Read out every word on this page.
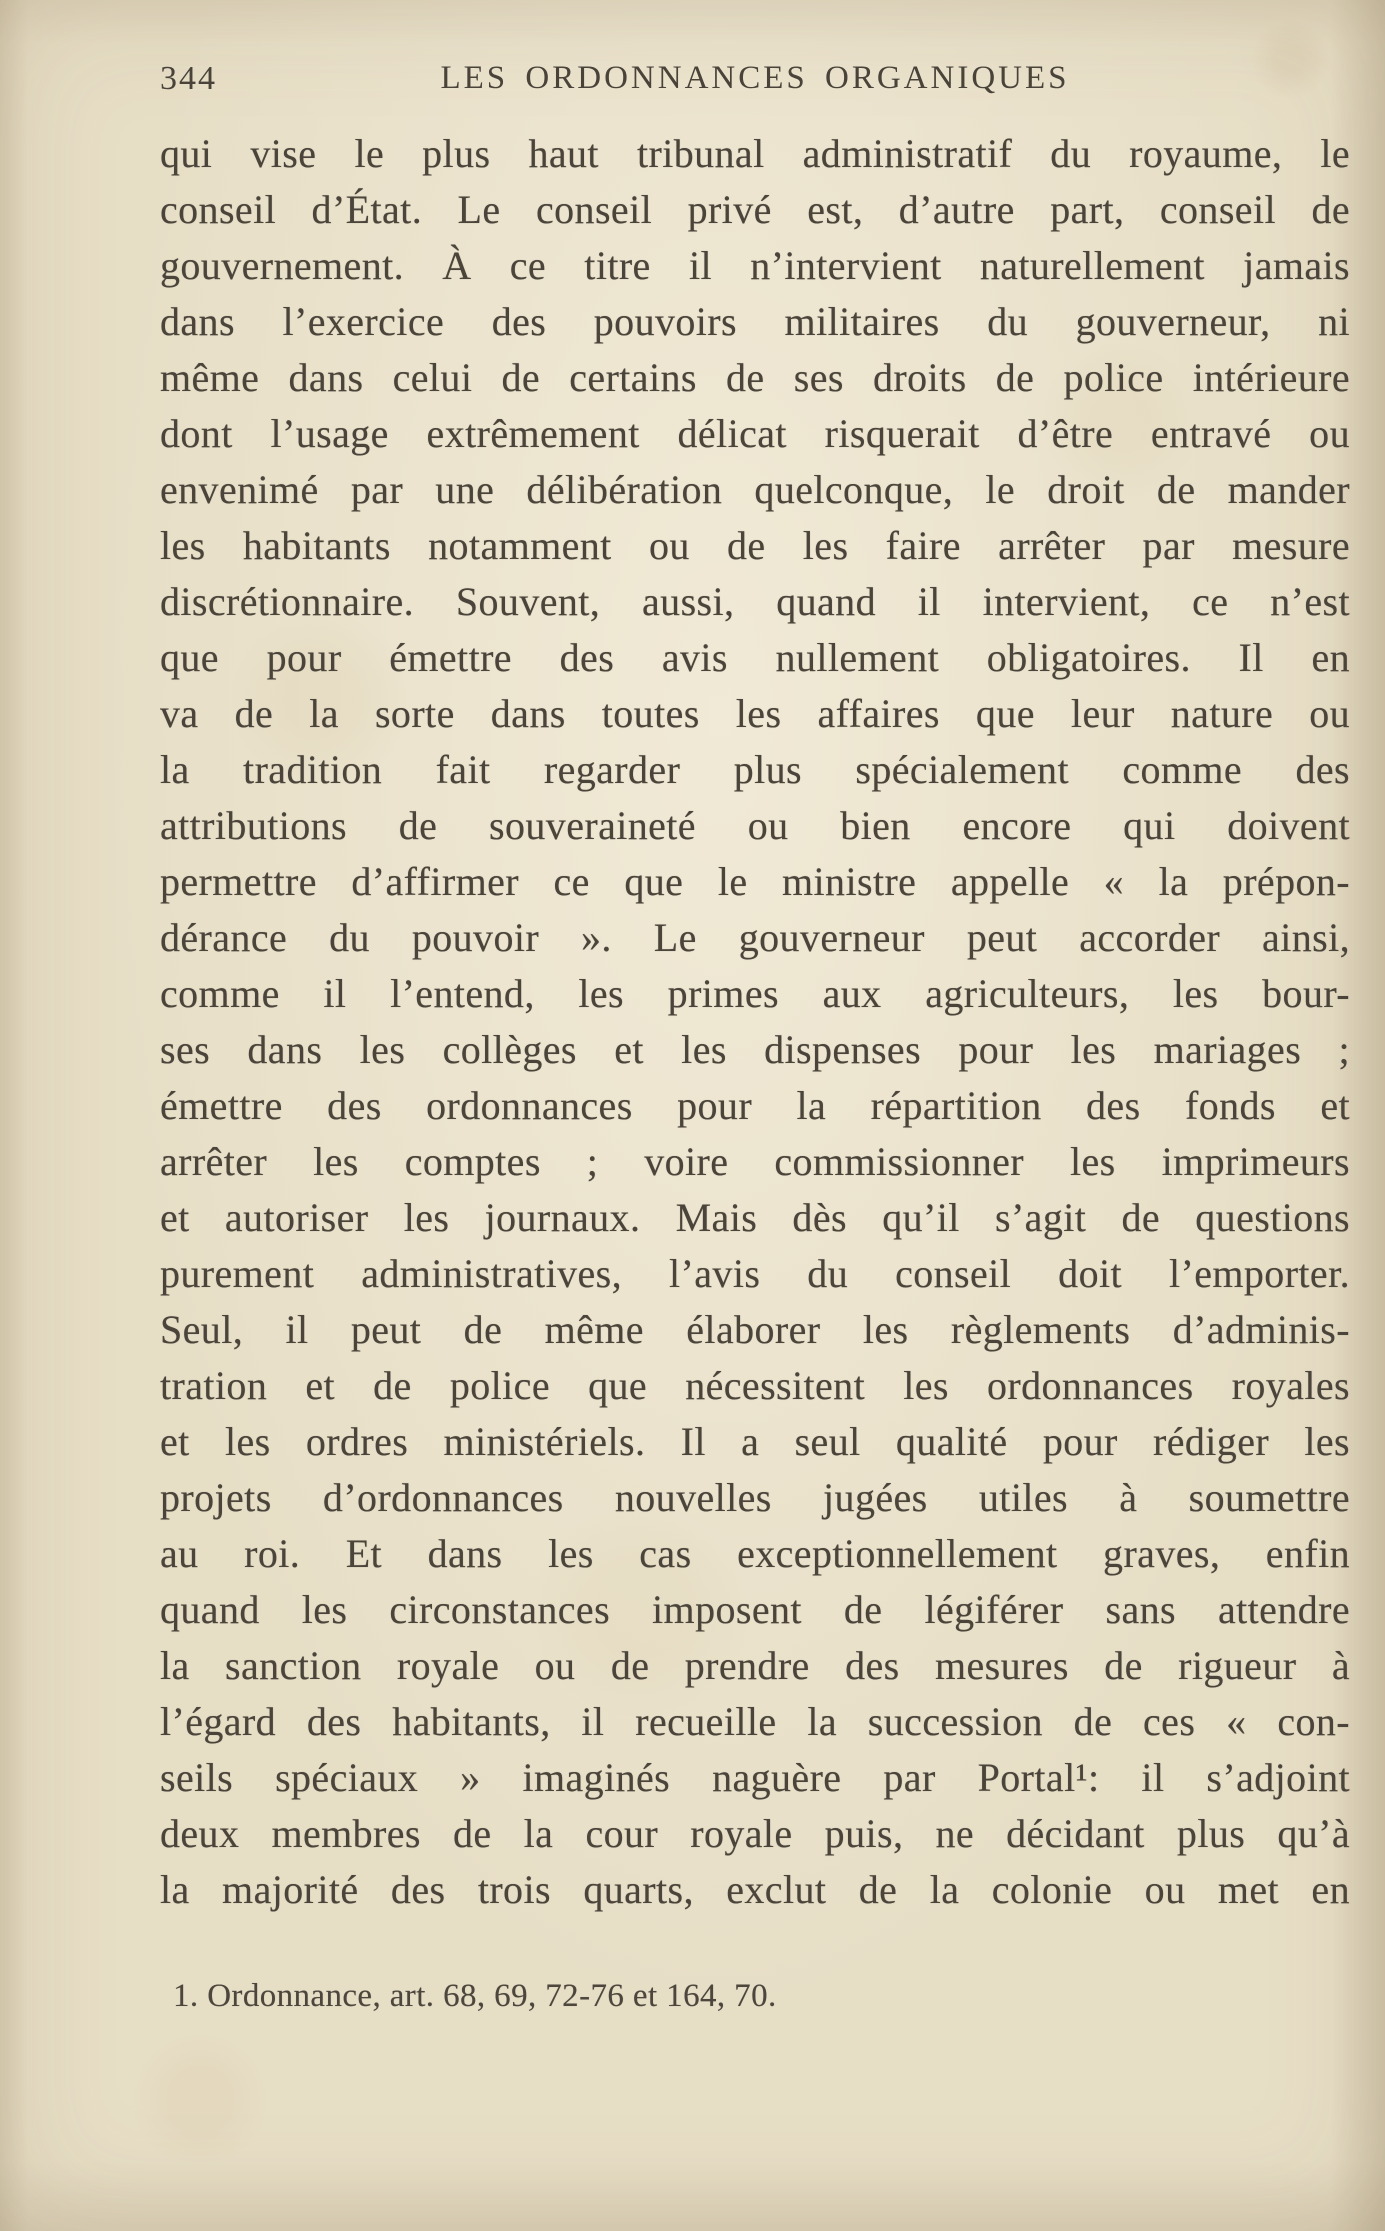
344	LES ORDONNANCES ORGANIQUES
qui vise le plus haut tribunal administratif du royaume, le
conseil d’État. Le conseil privé est, d’autre part, conseil de
gouvernement. À ce titre il n’intervient naturellement jamais
dans l’exercice des pouvoirs militaires du gouverneur, ni
même dans celui de certains de ses droits de police intérieure
dont l’usage extrêmement délicat risquerait d’être entravé ou
envenimé par une délibération quelconque, le droit de mander
les habitants notamment ou de les faire arrêter par mesure
discrétionnaire. Souvent, aussi, quand il intervient, ce n’est
que pour émettre des avis nullement obligatoires. Il en
va de la sorte dans toutes les affaires que leur nature ou
la tradition fait regarder plus spécialement comme des
attributions de souveraineté ou bien encore qui doivent
permettre d’affirmer ce que le ministre appelle « la prépon-
dérance du pouvoir ». Le gouverneur peut accorder ainsi,
comme il l’entend, les primes aux agriculteurs, les bour-
ses dans les collèges et les dispenses pour les mariages ;
émettre des ordonnances pour la répartition des fonds et
arrêter les comptes ; voire commissionner les imprimeurs
et autoriser les journaux. Mais dès qu’il s’agit de questions
purement administratives, l’avis du conseil doit l’emporter.
Seul, il peut de même élaborer les règlements d’adminis-
tration et de police que nécessitent les ordonnances royales
et les ordres ministériels. Il a seul qualité pour rédiger les
projets d’ordonnances nouvelles jugées utiles à soumettre
au roi. Et dans les cas exceptionnellement graves, enfin
quand les circonstances imposent de légiférer sans attendre
la sanction royale ou de prendre des mesures de rigueur à
l’égard des habitants, il recueille la succession de ces « con-
seils spéciaux » imaginés naguère par Portal¹: il s’adjoint
deux membres de la cour royale puis, ne décidant plus qu’à
la majorité des trois quarts, exclut de la colonie ou met en
1. Ordonnance, art. 68, 69, 72-76 et 164, 70.
